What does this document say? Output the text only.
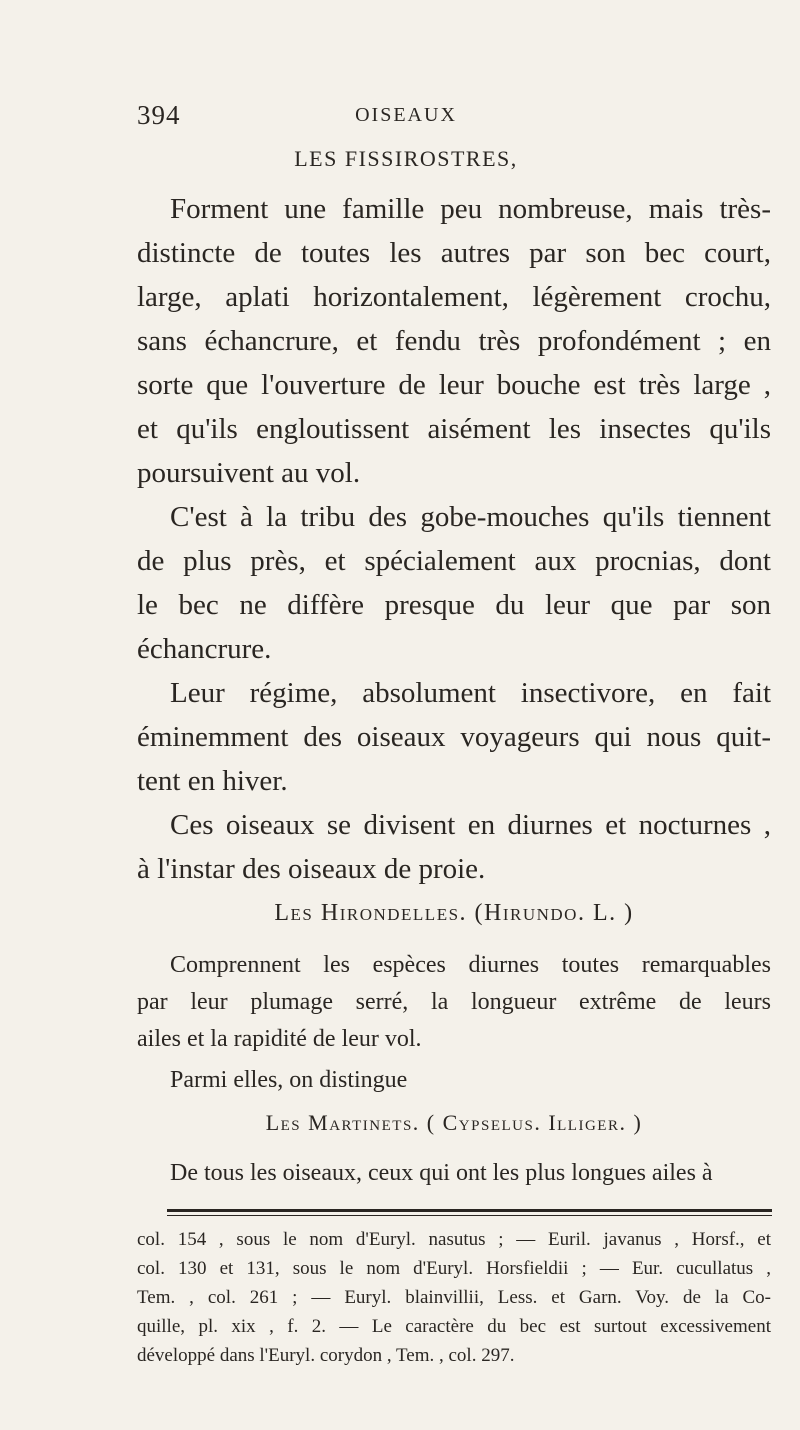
394	OISEAUX
LES FISSIROSTRES,

Forment une famille peu nombreuse, mais très-
distincte de toutes les autres par son bec court,
large, aplati horizontalement, légèrement crochu,
sans échancrure, et fendu très profondément ; en
sorte que l'ouverture de leur bouche est très large ,
et qu'ils engloutissent aisément les insectes qu'ils
poursuivent au vol.

C'est à la tribu des gobe-mouches qu'ils tiennent
de plus près, et spécialement aux procnias, dont
le bec ne diffère presque du leur que par son
échancrure.

Leur régime, absolument insectivore, en fait
éminemment des oiseaux voyageurs qui nous quit-
tent en hiver.

Ces oiseaux se divisent en diurnes et nocturnes ,
à l'instar des oiseaux de proie.

Les Hirondelles. (Hirundo. L. )

Comprennent les espèces diurnes toutes remarquables
par leur plumage serré, la longueur extrême de leurs
ailes et la rapidité de leur vol.

Parmi elles, on distingue
Les Martinets. ( Cypselus. Illiger. )
De tous les oiseaux, ceux qui ont les plus longues ailes à
col. 154 , sous le nom d'Euryl. nasutus ; — Euril. javanus , Horsf., et
col. 130 et 131, sous le nom d'Euryl. Horsfieldii ; — Eur. cucullatus ,
Tem. , col. 261 ; — Euryl. blainvillii, Less. et Garn. Voy. de la Co-
quille, pl. xix , f. 2. — Le caractère du bec est surtout excessivement
développé dans l'Euryl. corydon , Tem. , col. 297.
